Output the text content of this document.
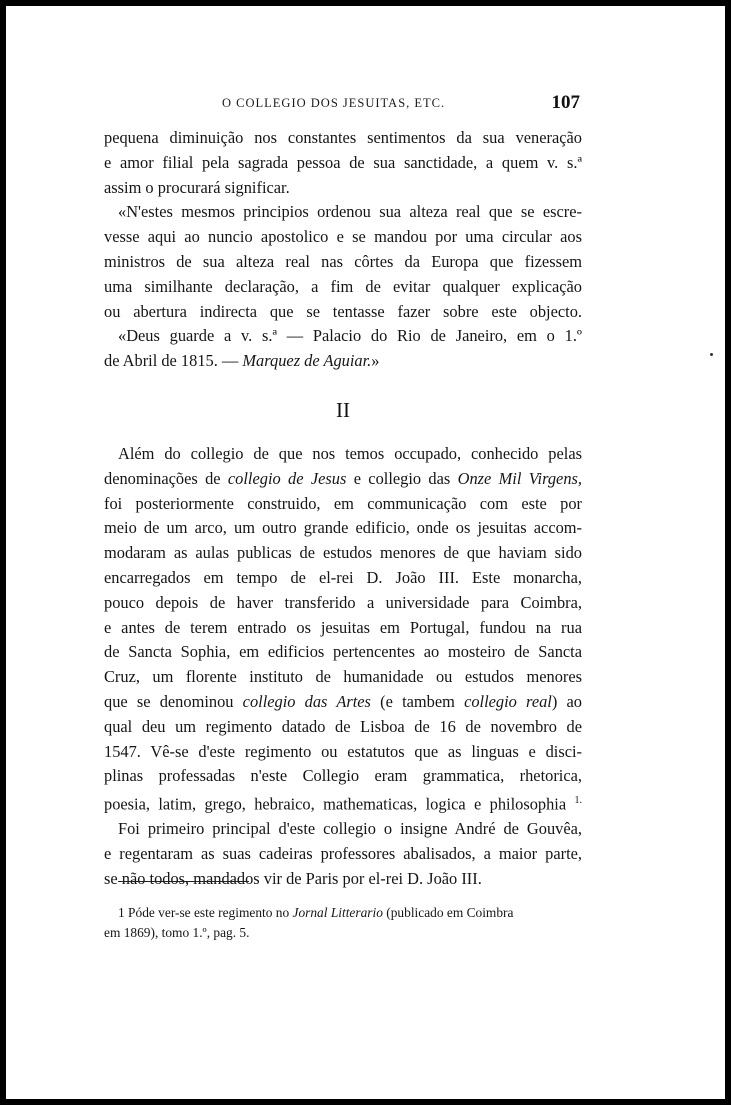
O COLLEGIO DOS JESUITAS, ETC.	107
pequena diminuição nos constantes sentimentos da sua veneração
e amor filial pela sagrada pessoa de sua sanctidade, a quem v. s.ª
assim o procurará significar.
«N'estes mesmos principios ordenou sua alteza real que se escre-
vesse aqui ao nuncio apostolico e se mandou por uma circular aos
ministros de sua alteza real nas côrtes da Europa que fizessem
uma similhante declaração, a fim de evitar qualquer explicação
ou abertura indirecta que se tentasse fazer sobre este objecto.
«Deus guarde a v. s.ª — Palacio do Rio de Janeiro, em o 1.º
de Abril de 1815. — Marquez de Aguiar.»
II
Além do collegio de que nos temos occupado, conhecido pelas
denominações de collegio de Jesus e collegio das Onze Mil Virgens,
foi posteriormente construido, em communicação com este por
meio de um arco, um outro grande edificio, onde os jesuitas accom-
modaram as aulas publicas de estudos menores de que haviam sido
encarregados em tempo de el-rei D. João III. Este monarcha,
pouco depois de haver transferido a universidade para Coimbra,
e antes de terem entrado os jesuitas em Portugal, fundou na rua
de Sancta Sophia, em edificios pertencentes ao mosteiro de Sancta
Cruz, um florente instituto de humanidade ou estudos menores
que se denominou collegio das Artes (e tambem collegio real) ao
qual deu um regimento datado de Lisboa de 16 de novembro de
1547. Vê-se d'este regimento ou estatutos que as linguas e disci-
plinas professadas n'este Collegio eram grammatica, rhetorica,
poesia, latim, grego, hebraico, mathematicas, logica e philosophia $^{1.}$
Foi primeiro principal d'este collegio o insigne André de Gouvêa,
e regentaram as suas cadeiras professores abalisados, a maior parte,
se não todos, mandados vir de Paris por el-rei D. João III.
1 Póde ver-se este regimento no Jornal Litterario (publicado em Coimbra
em 1869), tomo 1.º, pag. 5.
